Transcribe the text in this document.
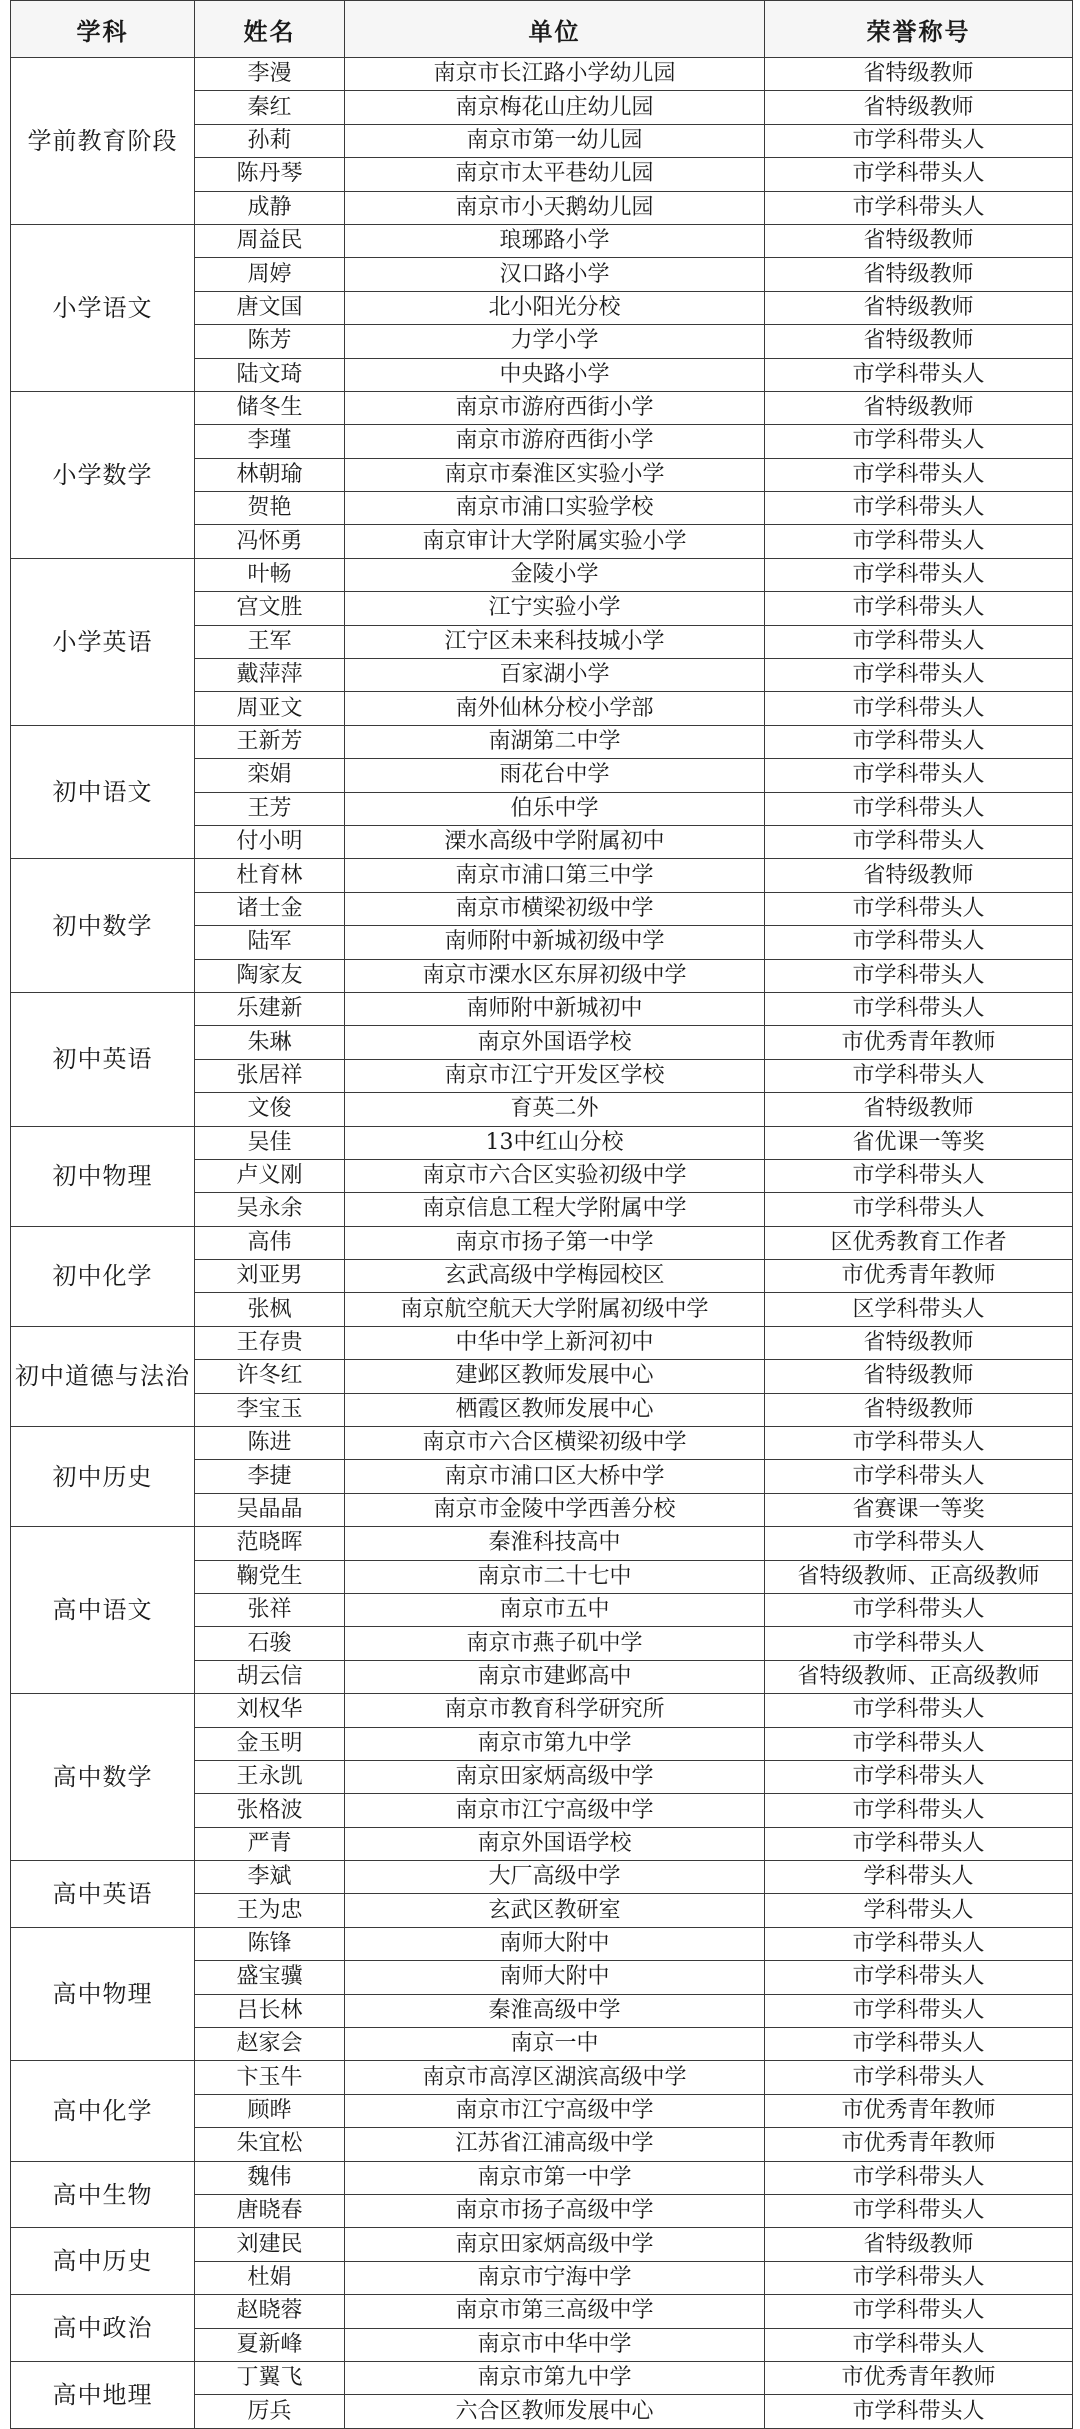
学科	姓名	单位	荣誉称号
学前教育阶段	李漫	南京市长江路小学幼儿园	省特级教师
	秦红	南京梅花山庄幼儿园	省特级教师
	孙莉	南京市第一幼儿园	市学科带头人
	陈丹琴	南京市太平巷幼儿园	市学科带头人
	成静	南京市小天鹅幼儿园	市学科带头人
小学语文	周益民	琅琊路小学	省特级教师
	周婷	汉口路小学	省特级教师
	唐文国	北小阳光分校	省特级教师
	陈芳	力学小学	省特级教师
	陆文琦	中央路小学	市学科带头人
小学数学	储冬生	南京市游府西街小学	省特级教师
	李瑾	南京市游府西街小学	市学科带头人
	林朝瑜	南京市秦淮区实验小学	市学科带头人
	贺艳	南京市浦口实验学校	市学科带头人
	冯怀勇	南京审计大学附属实验小学	市学科带头人
小学英语	叶畅	金陵小学	市学科带头人
	宫文胜	江宁实验小学	市学科带头人
	王军	江宁区未来科技城小学	市学科带头人
	戴萍萍	百家湖小学	市学科带头人
	周亚文	南外仙林分校小学部	市学科带头人
初中语文	王新芳	南湖第二中学	市学科带头人
	栾娟	雨花台中学	市学科带头人
	王芳	伯乐中学	市学科带头人
	付小明	溧水高级中学附属初中	市学科带头人
初中数学	杜育林	南京市浦口第三中学	省特级教师
	诸士金	南京市横梁初级中学	市学科带头人
	陆军	南师附中新城初级中学	市学科带头人
	陶家友	南京市溧水区东屏初级中学	市学科带头人
初中英语	乐建新	南师附中新城初中	市学科带头人
	朱琳	南京外国语学校	市优秀青年教师
	张居祥	南京市江宁开发区学校	市学科带头人
	文俊	育英二外	省特级教师
初中物理	吴佳	13中红山分校	省优课一等奖
	卢义刚	南京市六合区实验初级中学	市学科带头人
	吴永余	南京信息工程大学附属中学	市学科带头人
初中化学	高伟	南京市扬子第一中学	区优秀教育工作者
	刘亚男	玄武高级中学梅园校区	市优秀青年教师
	张枫	南京航空航天大学附属初级中学	区学科带头人
初中道德与法治	王存贵	中华中学上新河初中	省特级教师
	许冬红	建邺区教师发展中心	省特级教师
	李宝玉	栖霞区教师发展中心	省特级教师
初中历史	陈进	南京市六合区横梁初级中学	市学科带头人
	李捷	南京市浦口区大桥中学	市学科带头人
	吴晶晶	南京市金陵中学西善分校	省赛课一等奖
高中语文	范晓晖	秦淮科技高中	市学科带头人
	鞠党生	南京市二十七中	省特级教师、正高级教师
	张祥	南京市五中	市学科带头人
	石骏	南京市燕子矶中学	市学科带头人
	胡云信	南京市建邺高中	省特级教师、正高级教师
高中数学	刘权华	南京市教育科学研究所	市学科带头人
	金玉明	南京市第九中学	市学科带头人
	王永凯	南京田家炳高级中学	市学科带头人
	张格波	南京市江宁高级中学	市学科带头人
	严青	南京外国语学校	市学科带头人
高中英语	李斌	大厂高级中学	学科带头人
	王为忠	玄武区教研室	学科带头人
高中物理	陈锋	南师大附中	市学科带头人
	盛宝骥	南师大附中	市学科带头人
	吕长林	秦淮高级中学	市学科带头人
	赵家会	南京一中	市学科带头人
高中化学	卞玉牛	南京市高淳区湖滨高级中学	市学科带头人
	顾晔	南京市江宁高级中学	市优秀青年教师
	朱宜松	江苏省江浦高级中学	市优秀青年教师
高中生物	魏伟	南京市第一中学	市学科带头人
	唐晓春	南京市扬子高级中学	市学科带头人
高中历史	刘建民	南京田家炳高级中学	省特级教师
	杜娟	南京市宁海中学	市学科带头人
高中政治	赵晓蓉	南京市第三高级中学	市学科带头人
	夏新峰	南京市中华中学	市学科带头人
高中地理	丁翼飞	南京市第九中学	市优秀青年教师
	厉兵	六合区教师发展中心	市学科带头人
